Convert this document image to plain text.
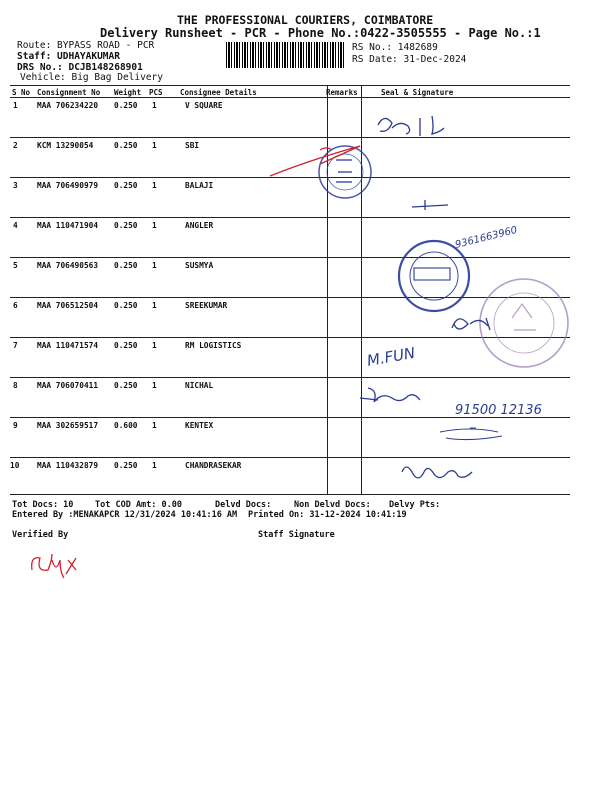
THE PROFESSIONAL COURIERS, COIMBATORE
Delivery Runsheet - PCR - Phone No.:0422-3505555 - Page No.:1
Route: BYPASS ROAD - PCR
Staff: UDHAYAKUMAR
DRS No.: DCJB148268901
Vehicle: Big Bag Delivery
RS No.: 1482689
RS Date: 31-Dec-2024
S No Consignment No Weight PCS Consignee Details	Remarks	Seal & Signature
1 MAA 706234220 0.250 1	V SQUARE
2 KCM 13290054	0.250 1	SBI
3 MAA 706490979 0.250 1	BALAJI
4 MAA 110471904 0.250 1	ANGLER
5 MAA 706490563 0.250 1	SUSMYA
6 MAA 706512504 0.250 1	SREEKUMAR
7 MAA 110471574 0.250 1	RM LOGISTICS
8 MAA 706070411 0.250 1	NICHAL
9 MAA 302659517 0.600 1	KENTEX
10 MAA 110432879 0.250 1	CHANDRASEKAR
Tot Docs: 10	Tot COD Amt: 0.00	Delvd Docs:	Non Delvd Docs: Delvy Pts:
Entered By :MENAKAPCR 12/31/2024 10:41:16 AM Printed On: 31-12-2024 10:41:19
Verified By	Staff Signature
9361663960
M.FUN
91500 12136
